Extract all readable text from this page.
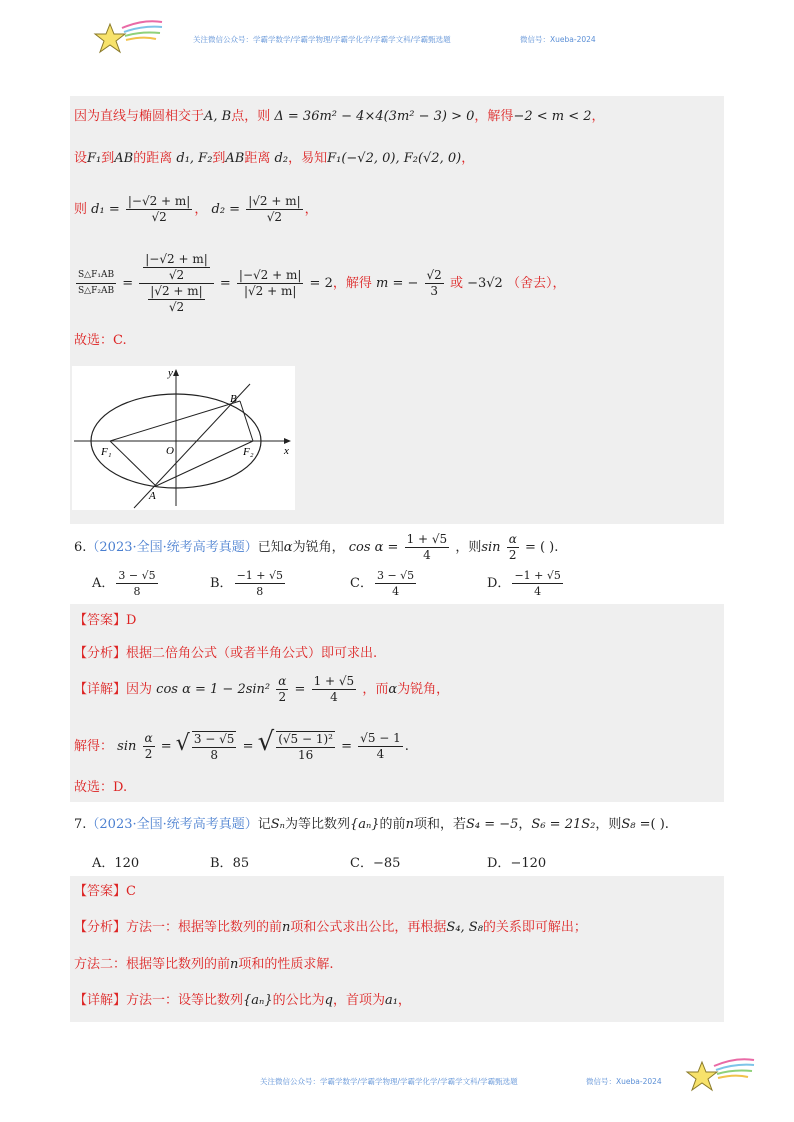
关注微信公众号：学霸学数学/学霸学物理/学霸学化学/学霸学文科/学霸甄选题	微信号：Xueba-2024
因为直线与椭圆相交于A, B点，则 Δ = 36m² − 4×4(3m² − 3) > 0，解得−2 < m < 2，
设F₁到AB的距离 d₁, F₂到AB距离 d₂，易知F₁(−√2, 0), F₂(√2, 0)，
则 $d_1 = \frac{|-√2 + m|}{√2}$ ， $d_2 = \frac{|√2 + m|}{√2}$ ，
$\frac{\text{S△F₁AB}}{\text{S△F₂AB}} = \frac{\frac{|-√2 + m|}{√2}}{\frac{|√2 + m|}{√2}} = \frac{|-√2 + m|}{|√2 + m|} = 2$，解得 m = − $\frac{√2}{3}$ 或 −3√2 （舍去），
故选：C.
y
x
O
B
A
F₁	F₂
6.（2023·全国·统考高考真题）已知α为锐角， $\cos \alpha = \frac{1 + √5}{4}$ ，则$\sin \frac{\alpha}{2}$ = ( ).
A． $\frac{3 - √5}{8}$	B． $\frac{-1 + √5}{8}$	C． $\frac{3 - √5}{4}$	D． $\frac{-1 + √5}{4}$
【答案】D
【分析】根据二倍角公式（或者半角公式）即可求出.
【详解】因为 $\cos \alpha = 1 - 2\sin^2 \frac{\alpha}{2} = \frac{1 + √5}{4}$ ，而α为锐角，
解得： $\sin \frac{\alpha}{2}$ = √ $\frac{3 - √5}{8}$ = √ $\frac{\text{(√5 − 1)²}}{16} = \frac{√5 - 1}{4}$ .
故选：D.
7.（2023·全国·统考高考真题）记Sₙ为等比数列{aₙ}的前n项和，若S₄ = −5，S₆ = 21S₂，则S₈ =( ).
A．120	B．85	C．−85	D．−120
【答案】C
【分析】方法一：根据等比数列的前n项和公式求出公比，再根据S₄, S₈的关系即可解出；
方法二：根据等比数列的前n项和的性质求解.
【详解】方法一：设等比数列{aₙ}的公比为q，首项为a₁，
关注微信公众号：学霸学数学/学霸学物理/学霸学化学/学霸学文科/学霸甄选题	微信号：Xueba-2024
